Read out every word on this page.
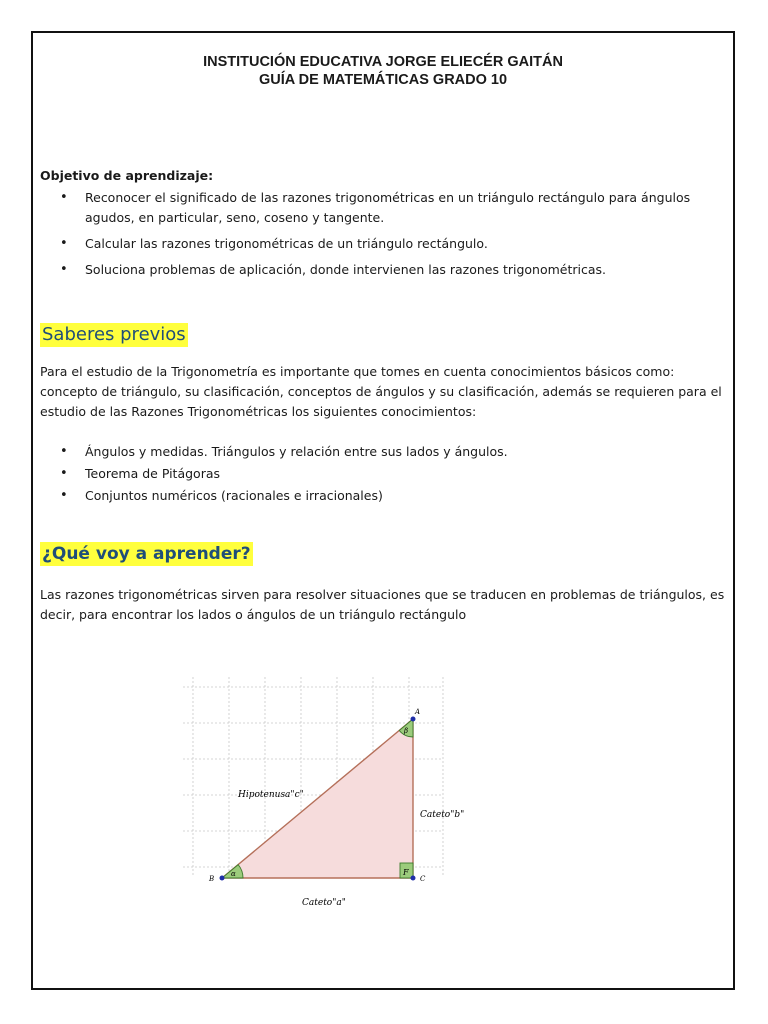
INSTITUCIÓN EDUCATIVA JORGE ELIECÉR GAITÁN
GUÍA DE MATEMÁTICAS GRADO 10
Objetivo de aprendizaje:
• Reconocer el significado de las razones trigonométricas en un triángulo rectángulo para ángulos agudos, en particular, seno, coseno y tangente.
• Calcular las razones trigonométricas de un triángulo rectángulo.
• Soluciona problemas de aplicación, donde intervienen las razones trigonométricas.
Saberes previos
Para el estudio de la Trigonometría es importante que tomes en cuenta conocimientos básicos como: concepto de triángulo, su clasificación, conceptos de ángulos y su clasificación, además se requieren para el estudio de las Razones Trigonométricas los siguientes conocimientos:
• Ángulos y medidas. Triángulos y relación entre sus lados y ángulos.
• Teorema de Pitágoras
• Conjuntos numéricos (racionales e irracionales)
¿Qué voy a aprender?
Las razones trigonométricas sirven para resolver situaciones que se traducen en problemas de triángulos, es decir, para encontrar los lados o ángulos de un triángulo rectángulo
α
β
F
A
B	C
Hipotenusa"c"
Cateto"b"
Cateto"a"
